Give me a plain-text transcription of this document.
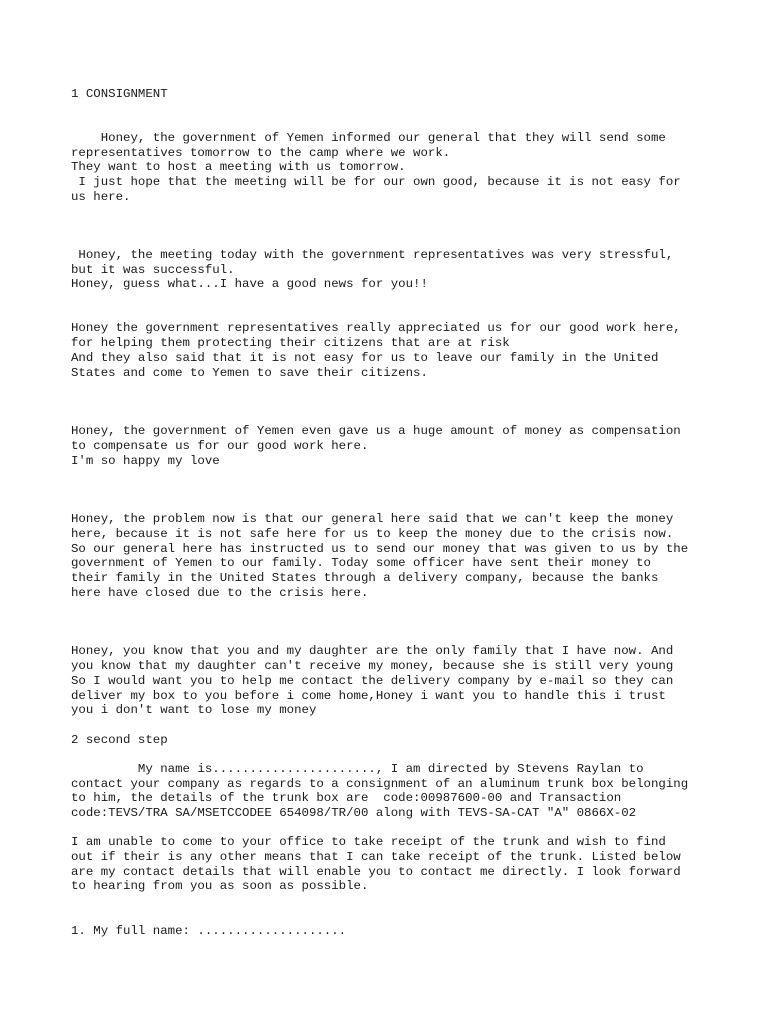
1 CONSIGNMENT
Honey, the government of Yemen informed our general that they will send some
representatives tomorrow to the camp where we work.
They want to host a meeting with us tomorrow.
I just hope that the meeting will be for our own good, because it is not easy for
us here.
Honey, the meeting today with the government representatives was very stressful,
but it was successful.
Honey, guess what...I have a good news for you!!
Honey the government representatives really appreciated us for our good work here,
for helping them protecting their citizens that are at risk
And they also said that it is not easy for us to leave our family in the United
States and come to Yemen to save their citizens.
Honey, the government of Yemen even gave us a huge amount of money as compensation
to compensate us for our good work here.
I'm so happy my love
Honey, the problem now is that our general here said that we can't keep the money
here, because it is not safe here for us to keep the money due to the crisis now.
So our general here has instructed us to send our money that was given to us by the
government of Yemen to our family. Today some officer have sent their money to
their family in the United States through a delivery company, because the banks
here have closed due to the crisis here.
Honey, you know that you and my daughter are the only family that I have now. And
you know that my daughter can't receive my money, because she is still very young
So I would want you to help me contact the delivery company by e-mail so they can
deliver my box to you before i come home,Honey i want you to handle this i trust
you i don't want to lose my money
2 second step
My name is......................, I am directed by Stevens Raylan to
contact your company as regards to a consignment of an aluminum trunk box belonging
to him, the details of the trunk box are  code:00987600-00 and Transaction
code:TEVS/TRA SA/MSETCCODEE 654098/TR/00 along with TEVS-SA-CAT "A" 0866X-02
I am unable to come to your office to take receipt of the trunk and wish to find
out if their is any other means that I can take receipt of the trunk. Listed below
are my contact details that will enable you to contact me directly. I look forward
to hearing from you as soon as possible.
1. My full name: ....................
